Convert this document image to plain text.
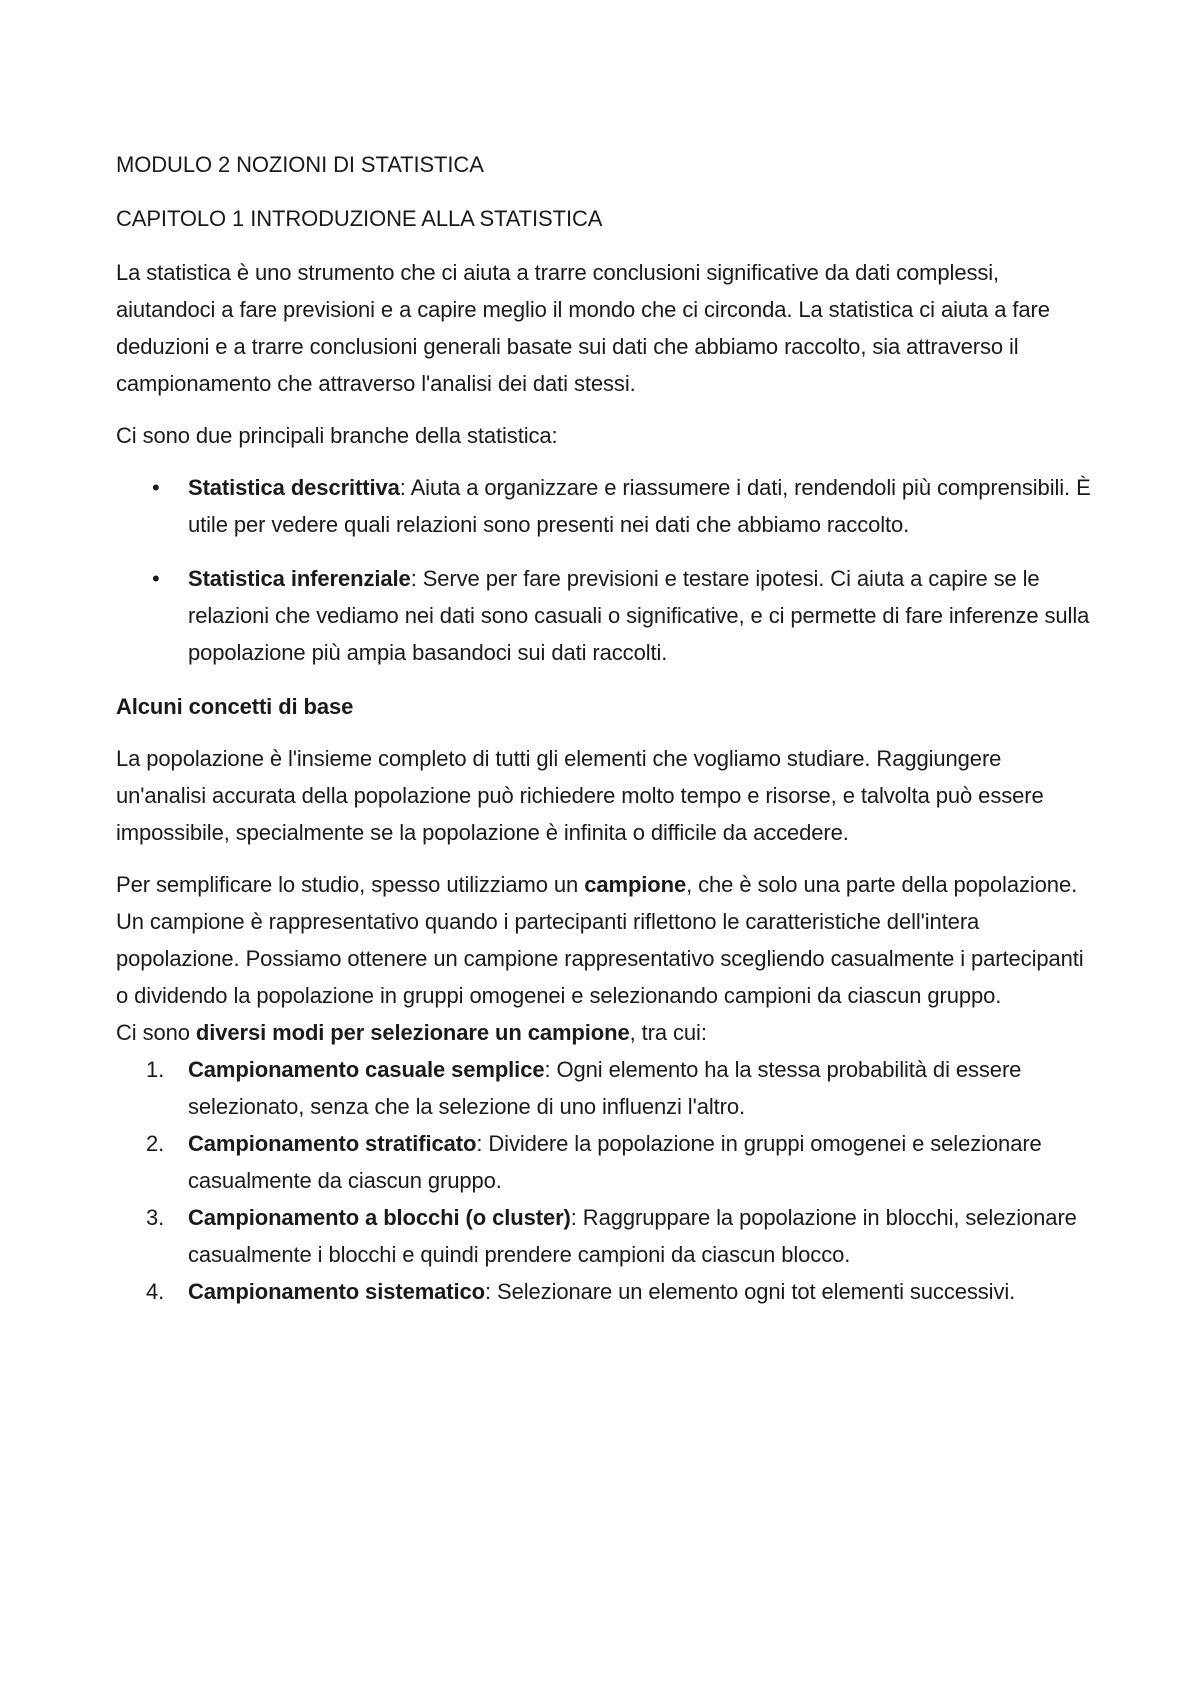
MODULO 2 NOZIONI DI STATISTICA

CAPITOLO 1 INTRODUZIONE ALLA STATISTICA

La statistica è uno strumento che ci aiuta a trarre conclusioni significative da dati complessi, aiutandoci a fare previsioni e a capire meglio il mondo che ci circonda. La statistica ci aiuta a fare deduzioni e a trarre conclusioni generali basate sui dati che abbiamo raccolto, sia attraverso il campionamento che attraverso l'analisi dei dati stessi.

Ci sono due principali branche della statistica:

• Statistica descrittiva: Aiuta a organizzare e riassumere i dati, rendendoli più comprensibili. È utile per vedere quali relazioni sono presenti nei dati che abbiamo raccolto.
• Statistica inferenziale: Serve per fare previsioni e testare ipotesi. Ci aiuta a capire se le relazioni che vediamo nei dati sono casuali o significative, e ci permette di fare inferenze sulla popolazione più ampia basandoci sui dati raccolti.

Alcuni concetti di base

La popolazione è l'insieme completo di tutti gli elementi che vogliamo studiare. Raggiungere un'analisi accurata della popolazione può richiedere molto tempo e risorse, e talvolta può essere impossibile, specialmente se la popolazione è infinita o difficile da accedere.

Per semplificare lo studio, spesso utilizziamo un campione, che è solo una parte della popolazione. Un campione è rappresentativo quando i partecipanti riflettono le caratteristiche dell'intera popolazione. Possiamo ottenere un campione rappresentativo scegliendo casualmente i partecipanti o dividendo la popolazione in gruppi omogenei e selezionando campioni da ciascun gruppo.

Ci sono diversi modi per selezionare un campione, tra cui:

1. Campionamento casuale semplice: Ogni elemento ha la stessa probabilità di essere selezionato, senza che la selezione di uno influenzi l'altro.
2. Campionamento stratificato: Dividere la popolazione in gruppi omogenei e selezionare casualmente da ciascun gruppo.
3. Campionamento a blocchi (o cluster): Raggruppare la popolazione in blocchi, selezionare casualmente i blocchi e quindi prendere campioni da ciascun blocco.
4. Campionamento sistematico: Selezionare un elemento ogni tot elementi successivi.
